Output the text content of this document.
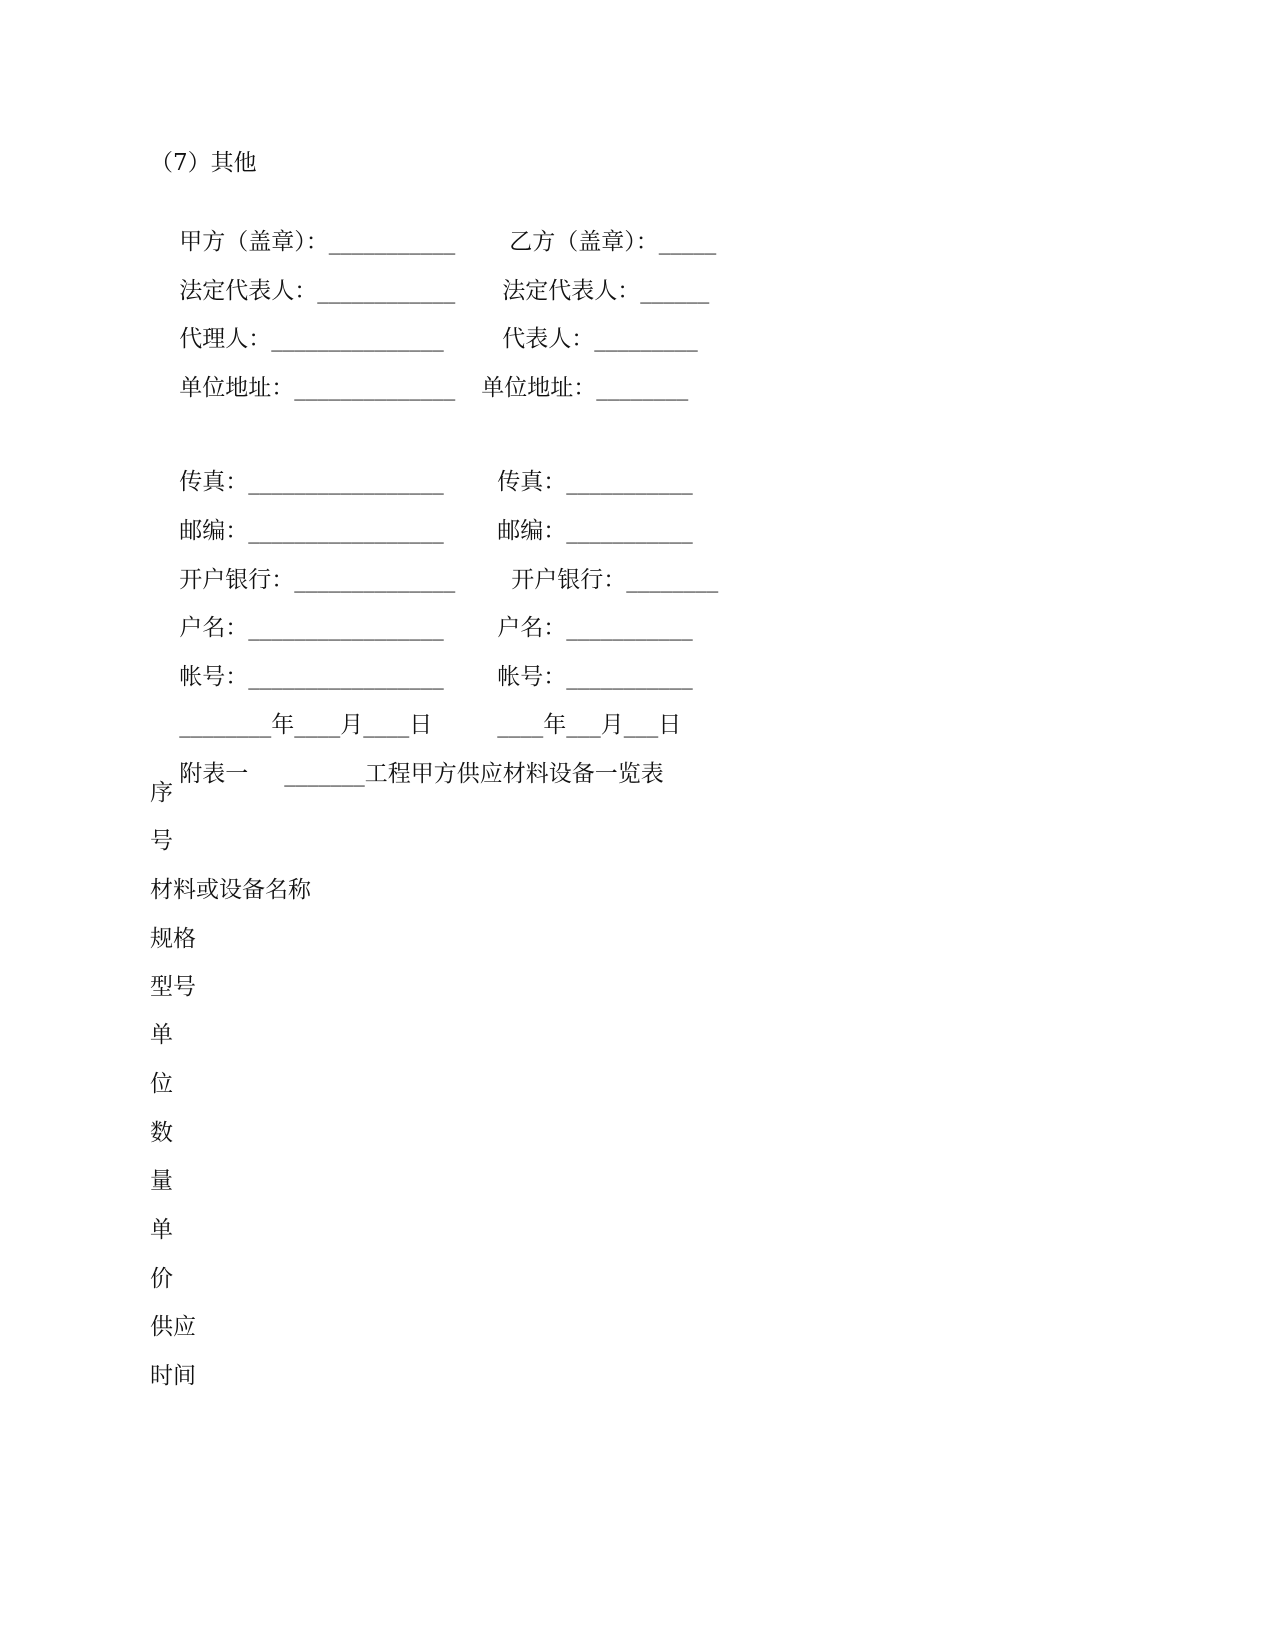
（7）其他

甲方（盖章）：___________ 乙方（盖章）：_____

法定代表人：____________ 法定代表人：______

代理人：_______________	代表人：_________

单位地址：______________ 单位地址：________

传真：_________________ 传真：___________

邮编：_________________ 邮编：___________

开户银行：______________ 开户银行：________

户名：_________________ 户名：___________

帐号：_________________ 帐号：___________

________年____月____日	____年___月___日

附表一 _______工程甲方供应材料设备一览表

序
号
材料或设备名称
规格
型号
单
位
数
量
单
价
供应
时间
